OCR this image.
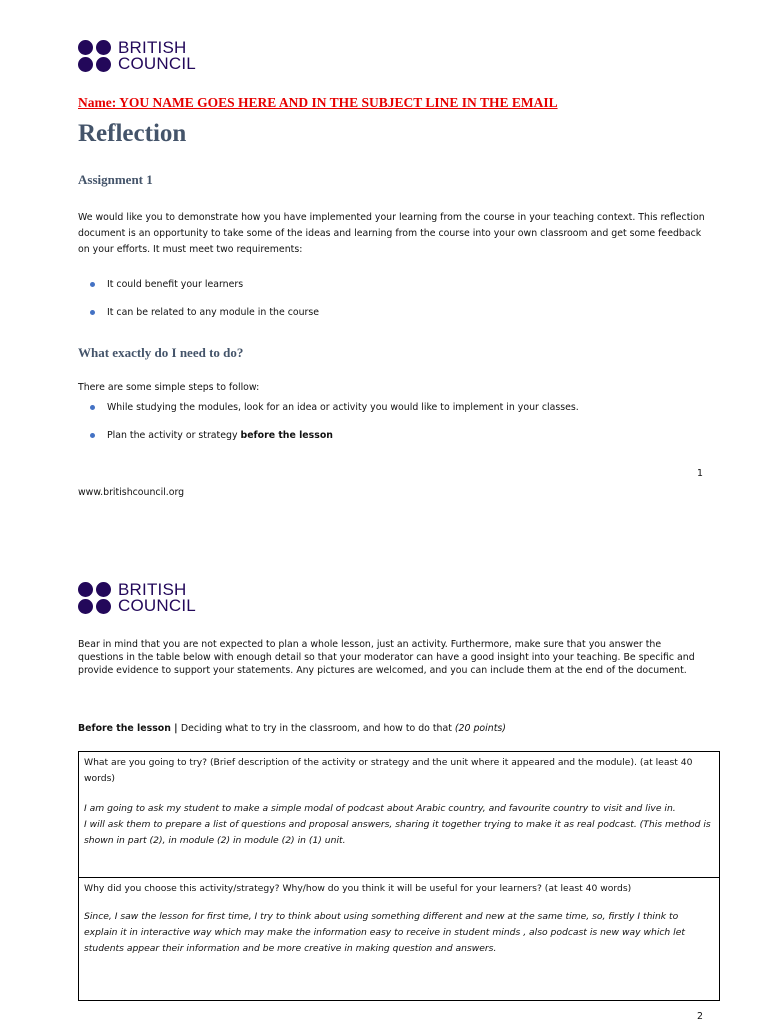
BRITISH
COUNCIL
Name: YOU NAME GOES HERE AND IN THE SUBJECT LINE IN THE EMAIL
Reflection
Assignment 1
We would like you to demonstrate how you have implemented your learning from the course in your teaching context. This reflection document is an opportunity to take some of the ideas and learning from the course into your own classroom and get some feedback on your efforts. It must meet two requirements:
It could benefit your learners
It can be related to any module in the course
What exactly do I need to do?
There are some simple steps to follow:
While studying the modules, look for an idea or activity you would like to implement in your classes.
Plan the activity or strategy before the lesson
1
www.britishcouncil.org
BRITISH
COUNCIL
Bear in mind that you are not expected to plan a whole lesson, just an activity. Furthermore, make sure that you answer the questions in the table below with enough detail so that your moderator can have a good insight into your teaching. Be specific and provide evidence to support your statements. Any pictures are welcomed, and you can include them at the end of the document.
Before the lesson | Deciding what to try in the classroom, and how to do that (20 points)
What are you going to try? (Brief description of the activity or strategy and the unit where it appeared and the module). (at least 40 words)
I am going to ask my student to make a simple modal of podcast about Arabic country, and favourite country to visit and live in.
I will ask them to prepare a list of questions and proposal answers, sharing it together trying to make it as real podcast. (This method is shown in part (2), in module (2) in module (2) in (1) unit.
Why did you choose this activity/strategy? Why/how do you think it will be useful for your learners? (at least 40 words)
Since, I saw the lesson for first time, I try to think about using something different and new at the same time, so, firstly I think to explain it in interactive way which may make the information easy to receive in student minds , also podcast is new way which let students appear their information and be more creative in making question and answers.
2
